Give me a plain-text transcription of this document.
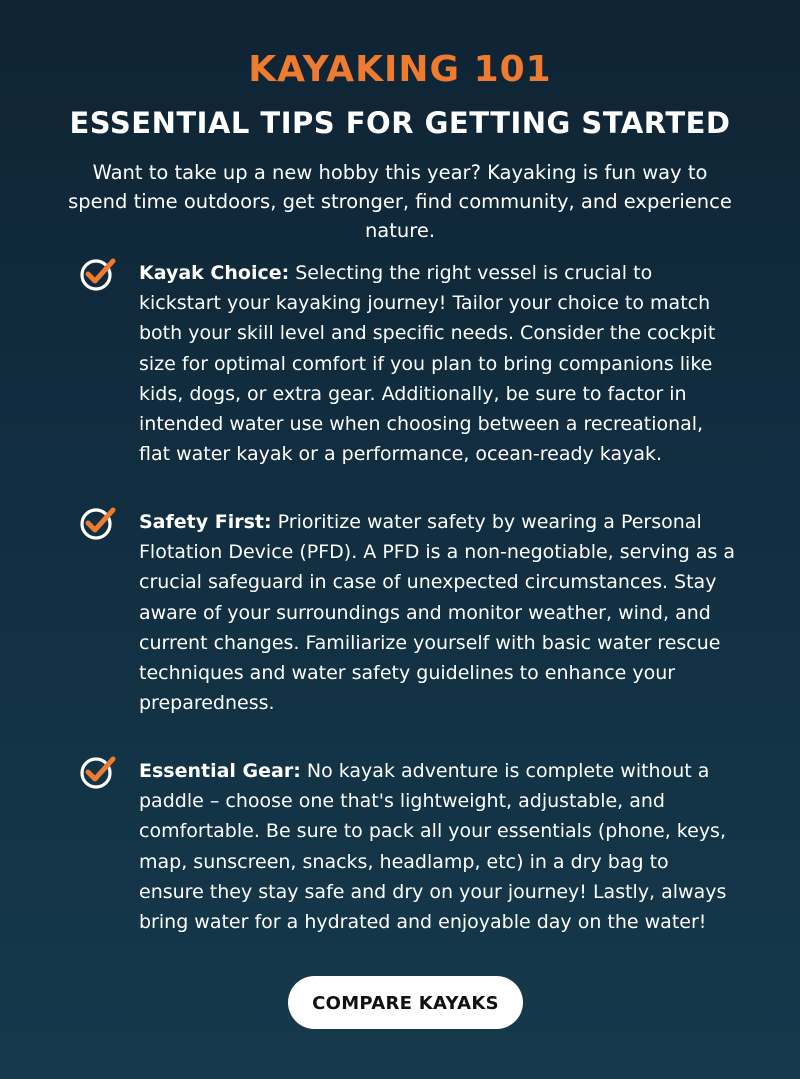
KAYAKING 101
ESSENTIAL TIPS FOR GETTING STARTED
Want to take up a new hobby this year? Kayaking is fun way to spend time outdoors, get stronger, find community, and experience nature.
Kayak Choice: Selecting the right vessel is crucial to kickstart your kayaking journey! Tailor your choice to match both your skill level and specific needs. Consider the cockpit size for optimal comfort if you plan to bring companions like kids, dogs, or extra gear. Additionally, be sure to factor in intended water use when choosing between a recreational, flat water kayak or a performance, ocean-ready kayak.
Safety First: Prioritize water safety by wearing a Personal Flotation Device (PFD). A PFD is a non-negotiable, serving as a crucial safeguard in case of unexpected circumstances. Stay aware of your surroundings and monitor weather, wind, and current changes. Familiarize yourself with basic water rescue techniques and water safety guidelines to enhance your preparedness.
Essential Gear: No kayak adventure is complete without a paddle – choose one that's lightweight, adjustable, and comfortable. Be sure to pack all your essentials (phone, keys, map, sunscreen, snacks, headlamp, etc) in a dry bag to ensure they stay safe and dry on your journey! Lastly, always bring water for a hydrated and enjoyable day on the water!
COMPARE KAYAKS
